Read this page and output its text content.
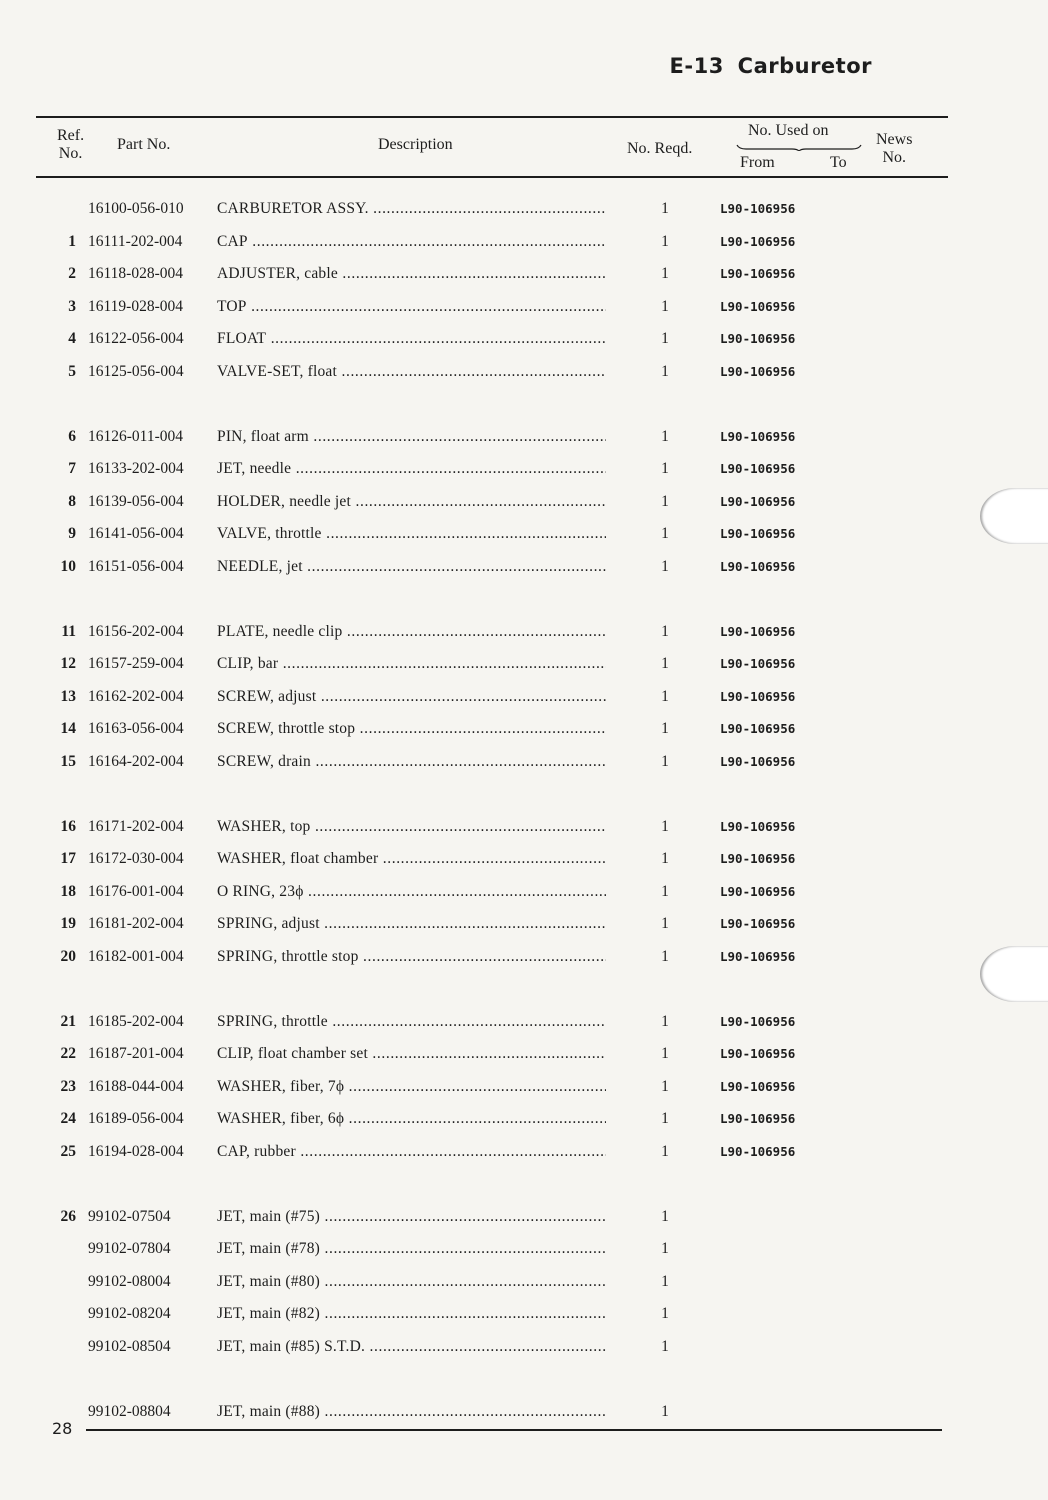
E-13 Carburetor
Ref.
No.
Part No.	Description	No. Reqd.
No. Used on
From	To
News
No.
16100-056-010 CARBURETOR ASSY. .....	1	L90-106956
1 16111-202-004 CAP .....	1	L90-106956
2 16118-028-004 ADJUSTER, cable .....	1	L90-106956
3 16119-028-004 TOP .....	1	L90-106956
4 16122-056-004 FLOAT .....	1	L90-106956
5 16125-056-004 VALVE-SET, float .....	1	L90-106956
6 16126-011-004 PIN, float arm .....	1	L90-106956
7 16133-202-004 JET, needle .....	1	L90-106956
8 16139-056-004 HOLDER, needle jet .....	1	L90-106956
9 16141-056-004 VALVE, throttle .....	1	L90-106956
10 16151-056-004 NEEDLE, jet .....	1	L90-106956
11 16156-202-004 PLATE, needle clip .....	1	L90-106956
12 16157-259-004 CLIP, bar .....	1	L90-106956
13 16162-202-004 SCREW, adjust .....	1	L90-106956
14 16163-056-004 SCREW, throttle stop .....	1	L90-106956
15 16164-202-004 SCREW, drain .....	1	L90-106956
16 16171-202-004 WASHER, top .....	1	L90-106956
17 16172-030-004 WASHER, float chamber .....	1	L90-106956
18 16176-001-004 O RING, 23ϕ .....	1	L90-106956
19 16181-202-004 SPRING, adjust .....	1	L90-106956
20 16182-001-004 SPRING, throttle stop .....	1	L90-106956
21 16185-202-004 SPRING, throttle .....	1	L90-106956
22 16187-201-004 CLIP, float chamber set .....	1	L90-106956
23 16188-044-004 WASHER, fiber, 7ϕ .....	1	L90-106956
24 16189-056-004 WASHER, fiber, 6ϕ .....	1	L90-106956
25 16194-028-004 CAP, rubber .....	1	L90-106956
26 99102-07504	JET, main (#75) .....	1
99102-07804	JET, main (#78) .....	1
99102-08004	JET, main (#80) .....	1
99102-08204	JET, main (#82) .....	1
99102-08504	JET, main (#85) S.T.D. .....	1
99102-08804	JET, main (#88) .....	1
28
